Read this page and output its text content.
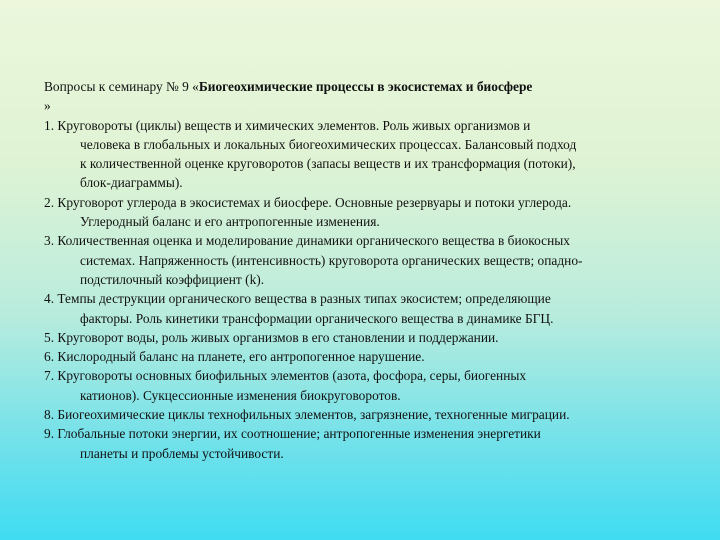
Вопросы к семинару № 9 «Биогеохимические процессы в экосистемах и биосфере

»

1. Круговороты (циклы) веществ и химических элементов. Роль живых организмов и
человека в глобальных и локальных биогеохимических процессах. Балансовый подход
к количественной оценке круговоротов (запасы веществ и их трансформация (потоки),
блок-диаграммы).

2. Круговорот углерода в экосистемах и биосфере. Основные резервуары и потоки углерода.
Углеродный баланс и его антропогенные изменения.

3. Количественная оценка и моделирование динамики органического вещества в биокосных
системах. Напряженность (интенсивность) круговорота органических веществ; опадно-
подстилочный коэффициент (k).

4. Темпы деструкции органического вещества в разных типах экосистем; определяющие
факторы. Роль кинетики трансформации органического вещества в динамике БГЦ.

5. Круговорот воды, роль живых организмов в его становлении и поддержании.

6. Кислородный баланс на планете, его антропогенное нарушение.

7. Круговороты основных биофильных элементов (азота, фосфора, серы, биогенных
катионов). Сукцессионные изменения биокруговоротов.

8. Биогеохимические циклы технофильных элементов, загрязнение, техногенные миграции.

9. Глобальные потоки энергии, их соотношение; антропогенные изменения энергетики
планеты и проблемы устойчивости.
